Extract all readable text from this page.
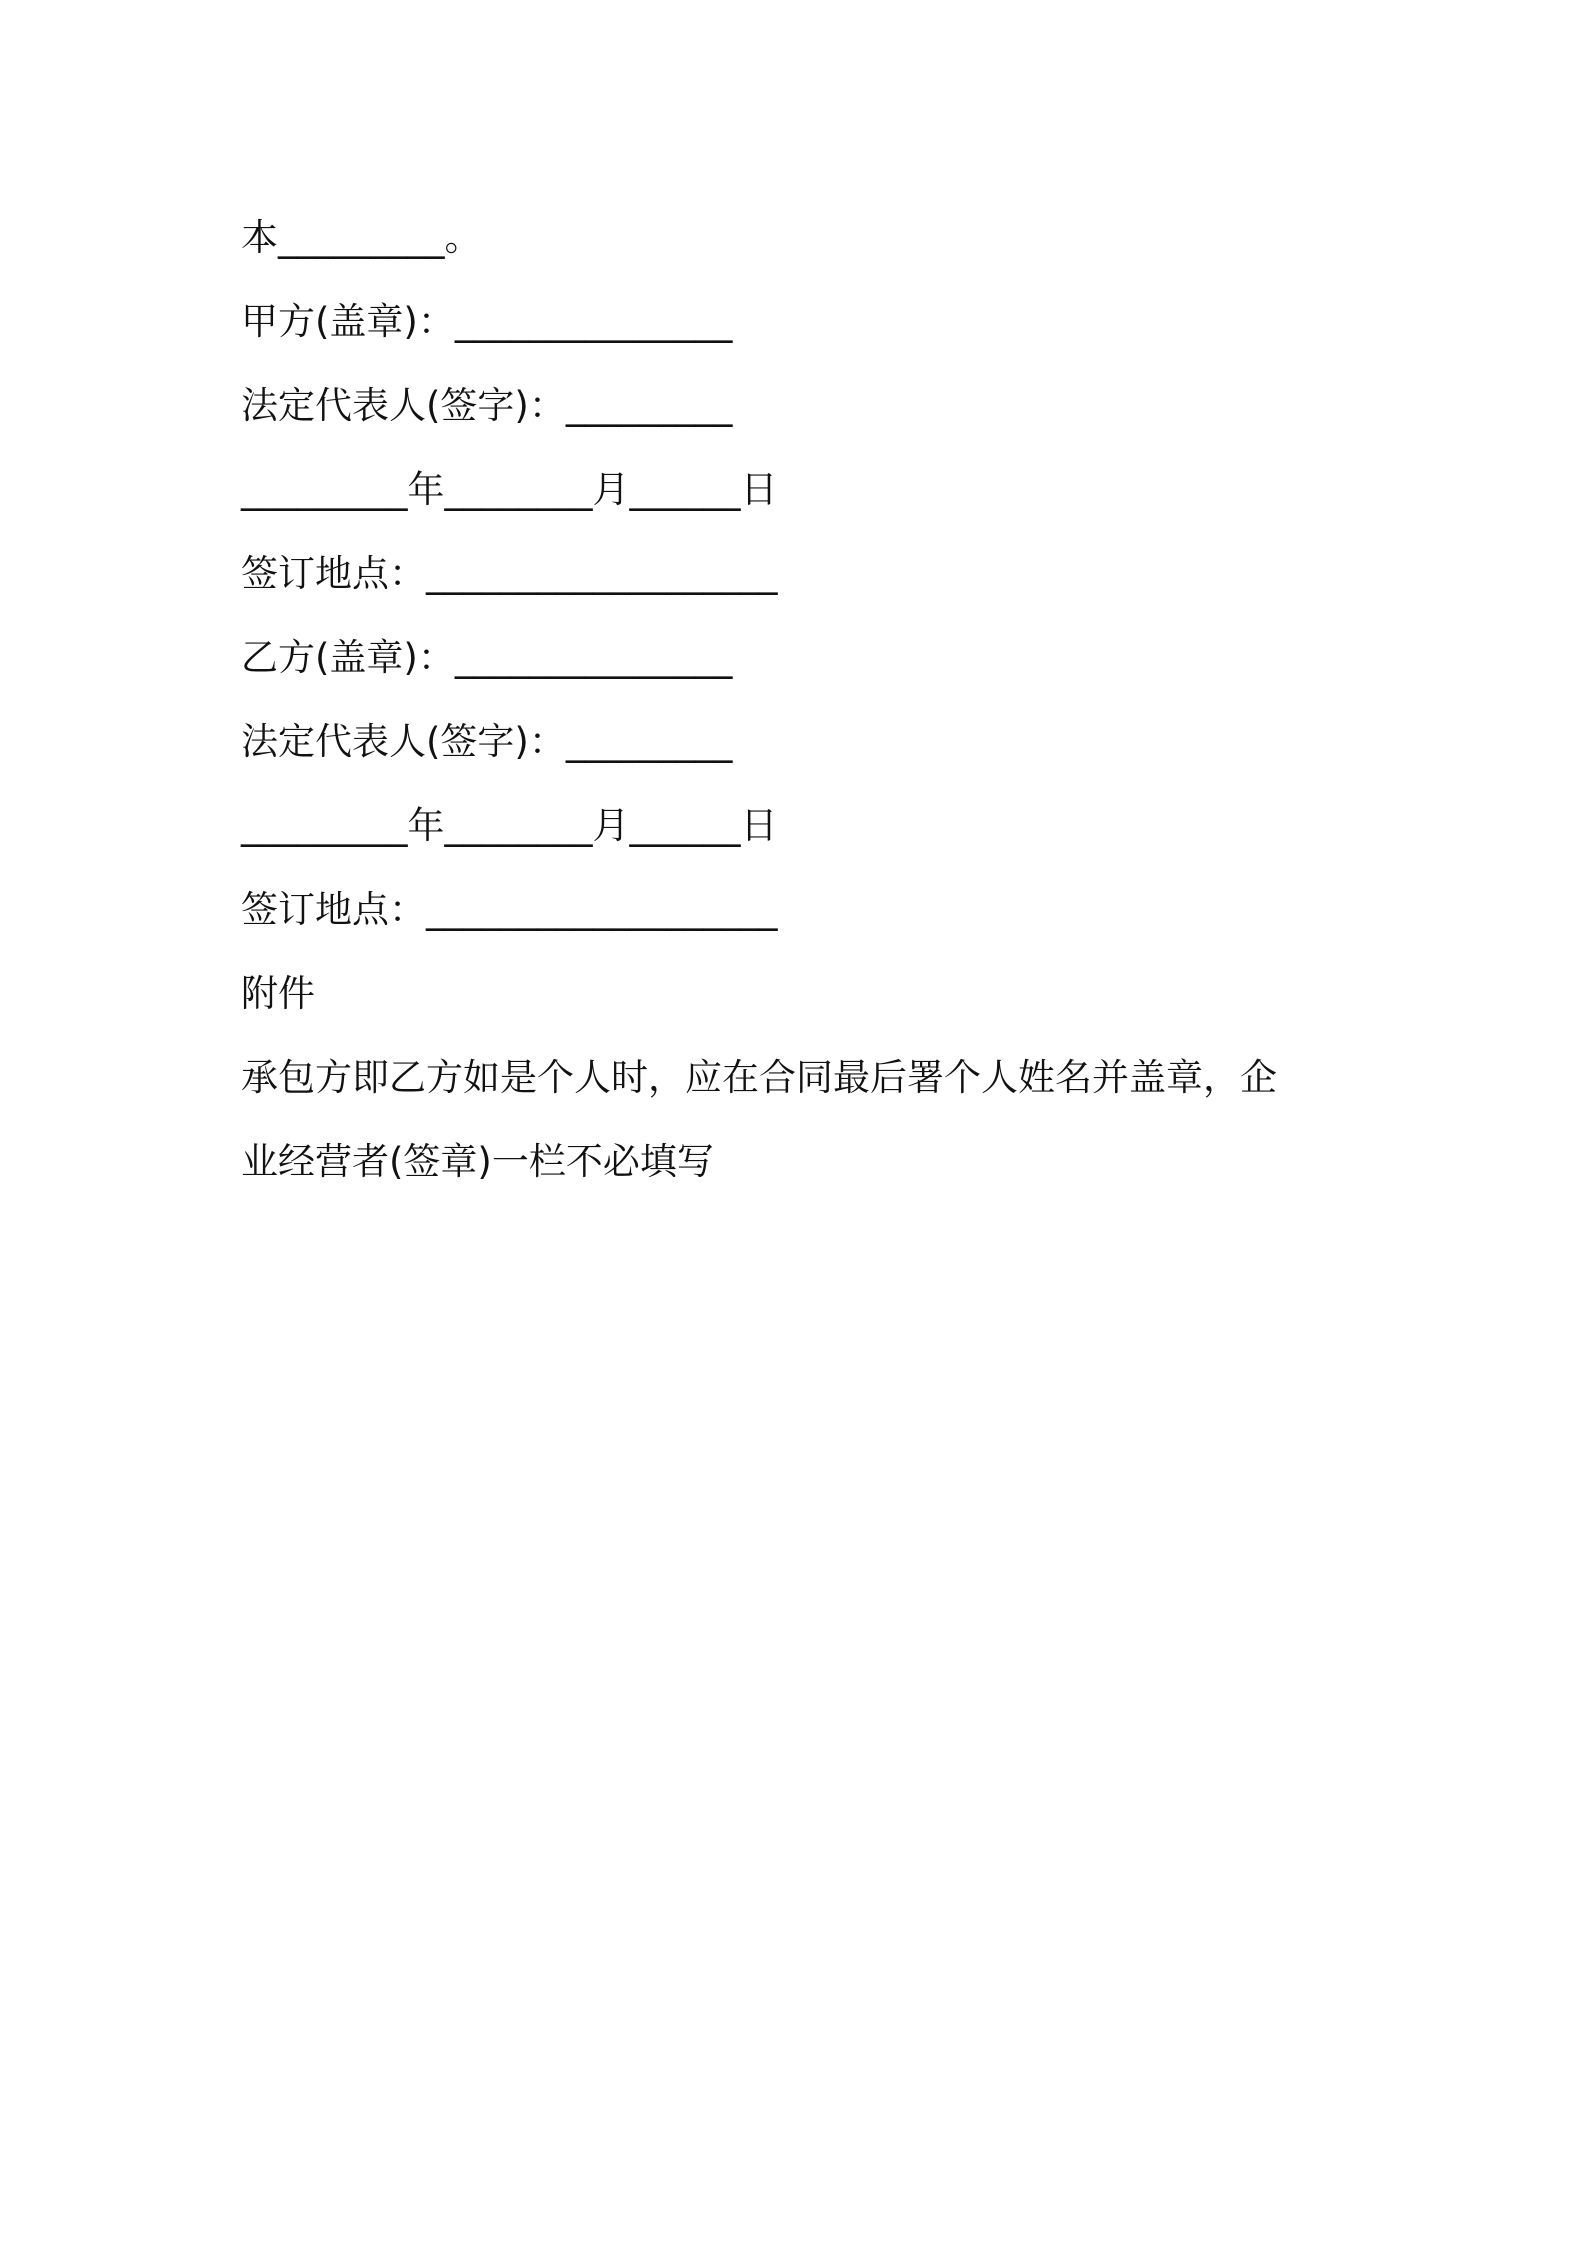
本_________。
甲方(盖章)：_______________
法定代表人(签字)：_________
_________年________月______日
签订地点：___________________
乙方(盖章)：_______________
法定代表人(签字)：_________
_________年________月______日
签订地点：___________________
附件
承包方即乙方如是个人时，应在合同最后署个人姓名并盖章，企
业经营者(签章)一栏不必填写
